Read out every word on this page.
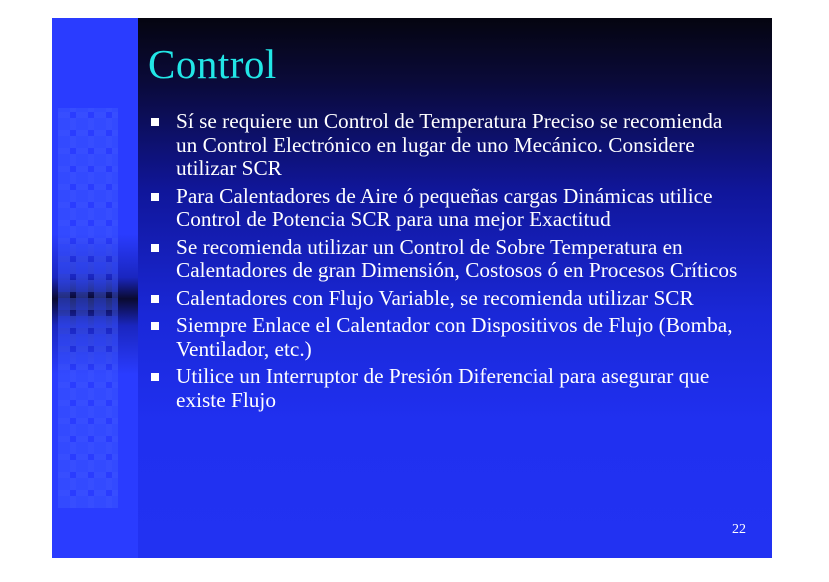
Control
Sí se requiere un Control de Temperatura Preciso se recomienda un Control Electrónico en lugar de uno Mecánico. Considere utilizar SCR
Para Calentadores de Aire ó pequeñas cargas Dinámicas utilice Control de Potencia SCR para una mejor Exactitud
Se recomienda utilizar un Control de Sobre Temperatura en Calentadores de gran Dimensión, Costosos ó en Procesos Críticos
Calentadores con Flujo Variable, se recomienda utilizar SCR
Siempre Enlace el Calentador con Dispositivos de Flujo (Bomba, Ventilador, etc.)
Utilice un Interruptor de Presión Diferencial para asegurar que existe Flujo
22
